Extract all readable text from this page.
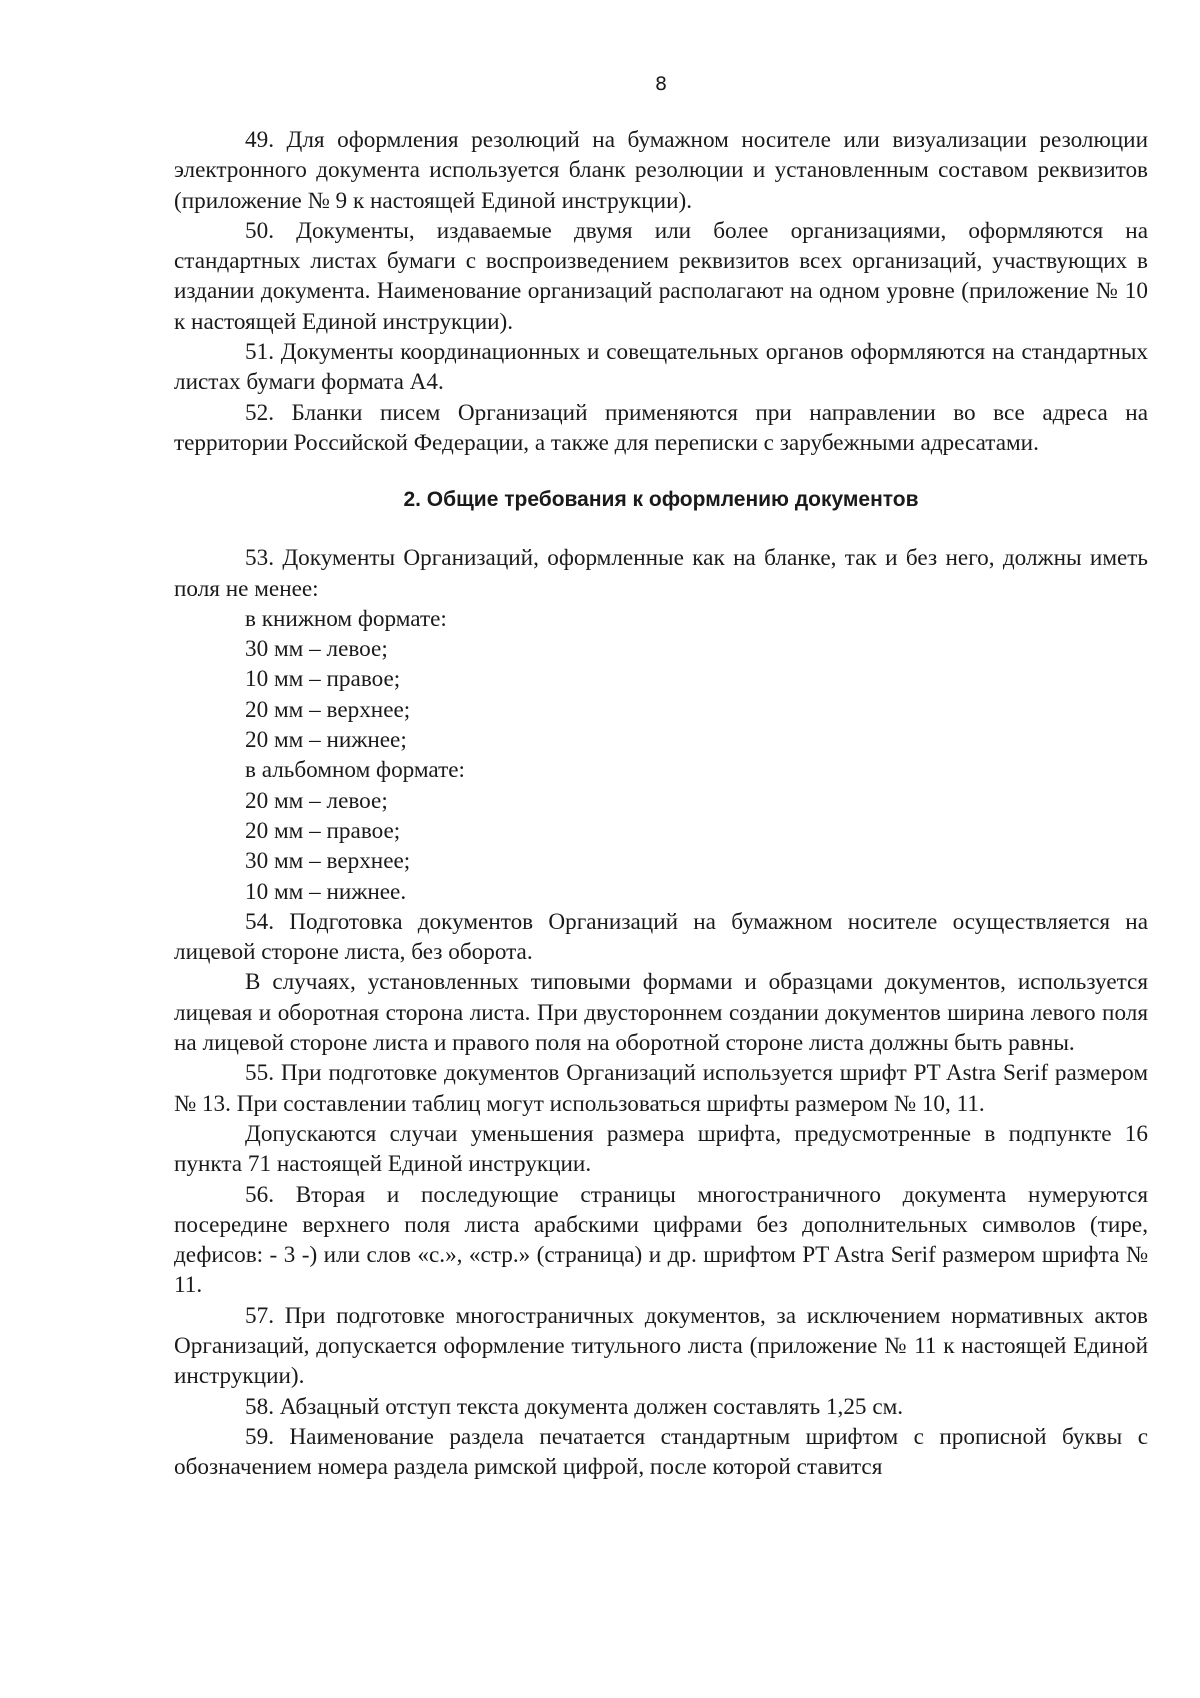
8

49. Для оформления резолюций на бумажном носителе или визуализации резолюции электронного документа используется бланк резолюции и установленным составом реквизитов (приложение № 9 к настоящей Единой инструкции).

50. Документы, издаваемые двумя или более организациями, оформляются на стандартных листах бумаги с воспроизведением реквизитов всех организаций, участвующих в издании документа. Наименование организаций располагают на одном уровне (приложение № 10 к настоящей Единой инструкции).

51. Документы координационных и совещательных органов оформляются на стандартных листах бумаги формата А4.

52. Бланки писем Организаций применяются при направлении во все адреса на территории Российской Федерации, а также для переписки с зарубежными адресатами.

2. Общие требования к оформлению документов

53. Документы Организаций, оформленные как на бланке, так и без него, должны иметь поля не менее:

в книжном формате:

30 мм – левое;

10 мм – правое;

20 мм – верхнее;

20 мм – нижнее;

в альбомном формате:

20 мм – левое;

20 мм – правое;

30 мм – верхнее;

10 мм – нижнее.

54. Подготовка документов Организаций на бумажном носителе осуществляется на лицевой стороне листа, без оборота.

В случаях, установленных типовыми формами и образцами документов, используется лицевая и оборотная сторона листа. При двустороннем создании документов ширина левого поля на лицевой стороне листа и правого поля на оборотной стороне листа должны быть равны.

55. При подготовке документов Организаций используется шрифт PT Astra Serif размером № 13. При составлении таблиц могут использоваться шрифты размером № 10, 11.

Допускаются случаи уменьшения размера шрифта, предусмотренные в подпункте 16 пункта 71 настоящей Единой инструкции.

56. Вторая и последующие страницы многостраничного документа нумеруются посередине верхнего поля листа арабскими цифрами без дополнительных символов (тире, дефисов: - 3 -) или слов «с.», «стр.» (страница) и др. шрифтом PT Astra Serif размером шрифта № 11.

57. При подготовке многостраничных документов, за исключением нормативных актов Организаций, допускается оформление титульного листа (приложение № 11 к настоящей Единой инструкции).

58. Абзацный отступ текста документа должен составлять 1,25 см.

59. Наименование раздела печатается стандартным шрифтом с прописной буквы с обозначением номера раздела римской цифрой, после которой ставится
